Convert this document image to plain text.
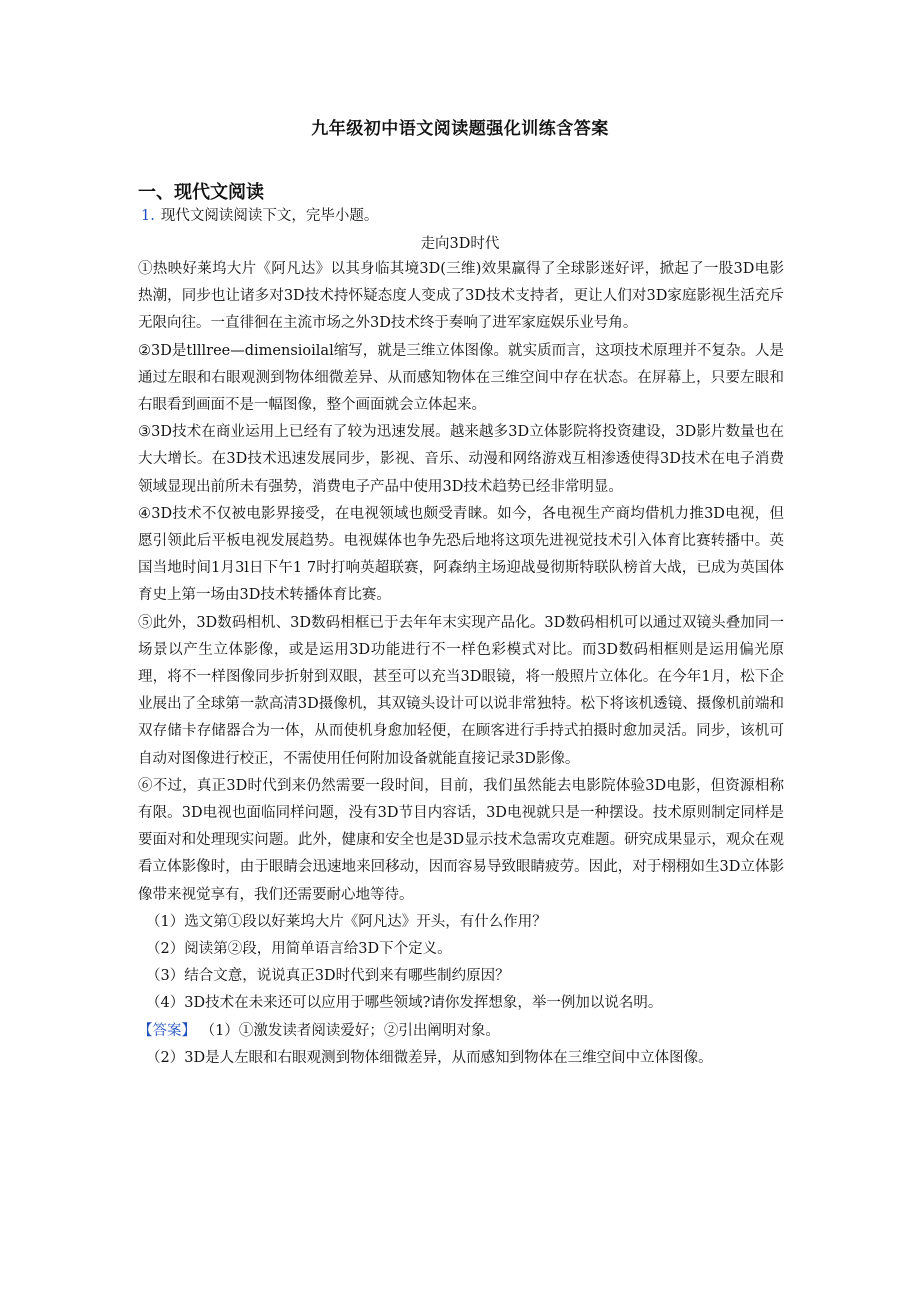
九年级初中语文阅读题强化训练含答案
一、现代文阅读
1. 现代文阅读阅读下文，完毕小题。
走向3D时代

①热映好莱坞大片《阿凡达》以其身临其境3D(三维)效果赢得了全球影迷好评，掀起了一股3D电影热潮，同步也让诸多对3D技术持怀疑态度人变成了3D技术支持者，更让人们对3D家庭影视生活充斥无限向往。一直徘徊在主流市场之外3D技术终于奏响了进军家庭娱乐业号角。

②3D是tlllree—dimensioilal缩写，就是三维立体图像。就实质而言，这项技术原理并不复杂。人是通过左眼和右眼观测到物体细微差异、从而感知物体在三维空间中存在状态。在屏幕上，只要左眼和右眼看到画面不是一幅图像，整个画面就会立体起来。

③3D技术在商业运用上已经有了较为迅速发展。越来越多3D立体影院将投资建设，3D影片数量也在大大增长。在3D技术迅速发展同步，影视、音乐、动漫和网络游戏互相渗透使得3D技术在电子消费领域显现出前所未有强势，消费电子产品中使用3D技术趋势已经非常明显。

④3D技术不仅被电影界接受，在电视领域也颇受青睐。如今，各电视生产商均借机力推3D电视，但愿引领此后平板电视发展趋势。电视媒体也争先恐后地将这项先进视觉技术引入体育比赛转播中。英国当地时间1月3l日下午1 7时打响英超联赛，阿森纳主场迎战曼彻斯特联队榜首大战，已成为英国体育史上第一场由3D技术转播体育比赛。

⑤此外，3D数码相机、3D数码相框已于去年年末实现产品化。3D数码相机可以通过双镜头叠加同一场景以产生立体影像，或是运用3D功能进行不一样色彩模式对比。而3D数码相框则是运用偏光原理，将不一样图像同步折射到双眼，甚至可以充当3D眼镜，将一般照片立体化。在今年1月，松下企业展出了全球第一款高清3D摄像机，其双镜头设计可以说非常独特。松下将该机透镜、摄像机前端和双存储卡存储器合为一体，从而使机身愈加轻便，在顾客进行手持式拍摄时愈加灵活。同步，该机可自动对图像进行校正，不需使用任何附加设备就能直接记录3D影像。

⑥不过，真正3D时代到来仍然需要一段时间，目前，我们虽然能去电影院体验3D电影，但资源相称有限。3D电视也面临同样问题，没有3D节目内容话，3D电视就只是一种摆设。技术原则制定同样是要面对和处理现实问题。此外，健康和安全也是3D显示技术急需攻克难题。研究成果显示，观众在观看立体影像时，由于眼睛会迅速地来回移动，因而容易导致眼睛疲劳。因此，对于栩栩如生3D立体影像带来视觉享有，我们还需要耐心地等待。

（1）选文第①段以好莱坞大片《阿凡达》开头，有什么作用？

（2）阅读第②段，用简单语言给3D下个定义。

（3）结合文意，说说真正3D时代到来有哪些制约原因？

（4）3D技术在未来还可以应用于哪些领域?请你发挥想象，举一例加以说名明。

【答案】 （1）①激发读者阅读爱好；②引出阐明对象。

（2）3D是人左眼和右眼观测到物体细微差异，从而感知到物体在三维空间中立体图像。
